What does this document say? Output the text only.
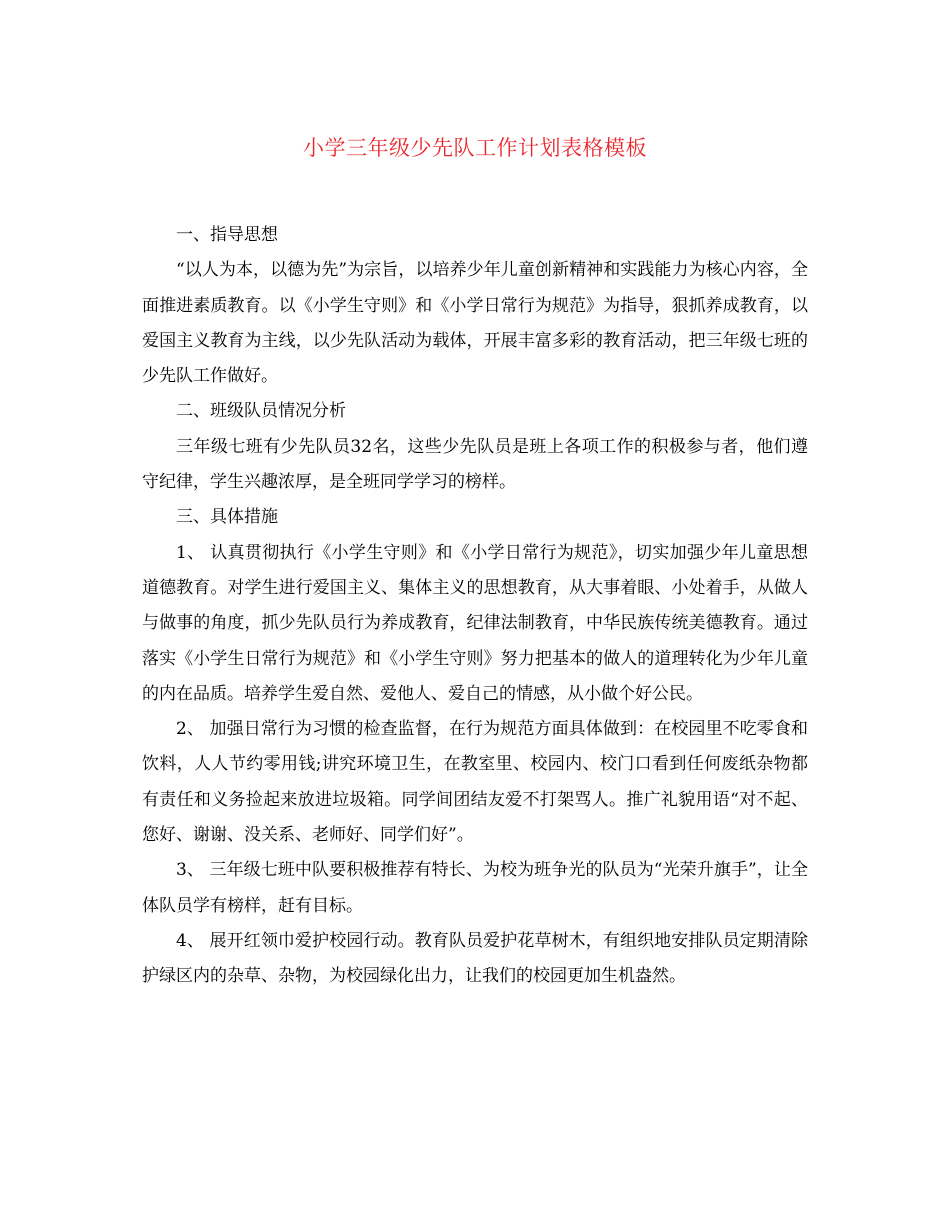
小学三年级少先队工作计划表格模板

一、指导思想

“以人为本，以德为先”为宗旨，以培养少年儿童创新精神和实践能力为核心内容，全面推进素质教育。以《小学生守则》和《小学日常行为规范》为指导，狠抓养成教育，以爱国主义教育为主线，以少先队活动为载体，开展丰富多彩的教育活动，把三年级七班的少先队工作做好。

二、班级队员情况分析

三年级七班有少先队员32名，这些少先队员是班上各项工作的积极参与者，他们遵守纪律，学生兴趣浓厚，是全班同学学习的榜样。

三、具体措施

1、 认真贯彻执行《小学生守则》和《小学日常行为规范》，切实加强少年儿童思想道德教育。对学生进行爱国主义、集体主义的思想教育，从大事着眼、小处着手，从做人与做事的角度，抓少先队员行为养成教育，纪律法制教育，中华民族传统美德教育。通过落实《小学生日常行为规范》和《小学生守则》努力把基本的做人的道理转化为少年儿童的内在品质。培养学生爱自然、爱他人、爱自己的情感，从小做个好公民。

2、 加强日常行为习惯的检查监督，在行为规范方面具体做到：在校园里不吃零食和饮料，人人节约零用钱;讲究环境卫生，在教室里、校园内、校门口看到任何废纸杂物都有责任和义务捡起来放进垃圾箱。同学间团结友爱不打架骂人。推广礼貌用语“对不起、您好、谢谢、没关系、老师好、同学们好”。

3、 三年级七班中队要积极推荐有特长、为校为班争光的队员为“光荣升旗手”，让全体队员学有榜样，赶有目标。

4、 展开红领巾爱护校园行动。教育队员爱护花草树木，有组织地安排队员定期清除护绿区内的杂草、杂物，为校园绿化出力，让我们的校园更加生机盎然。
